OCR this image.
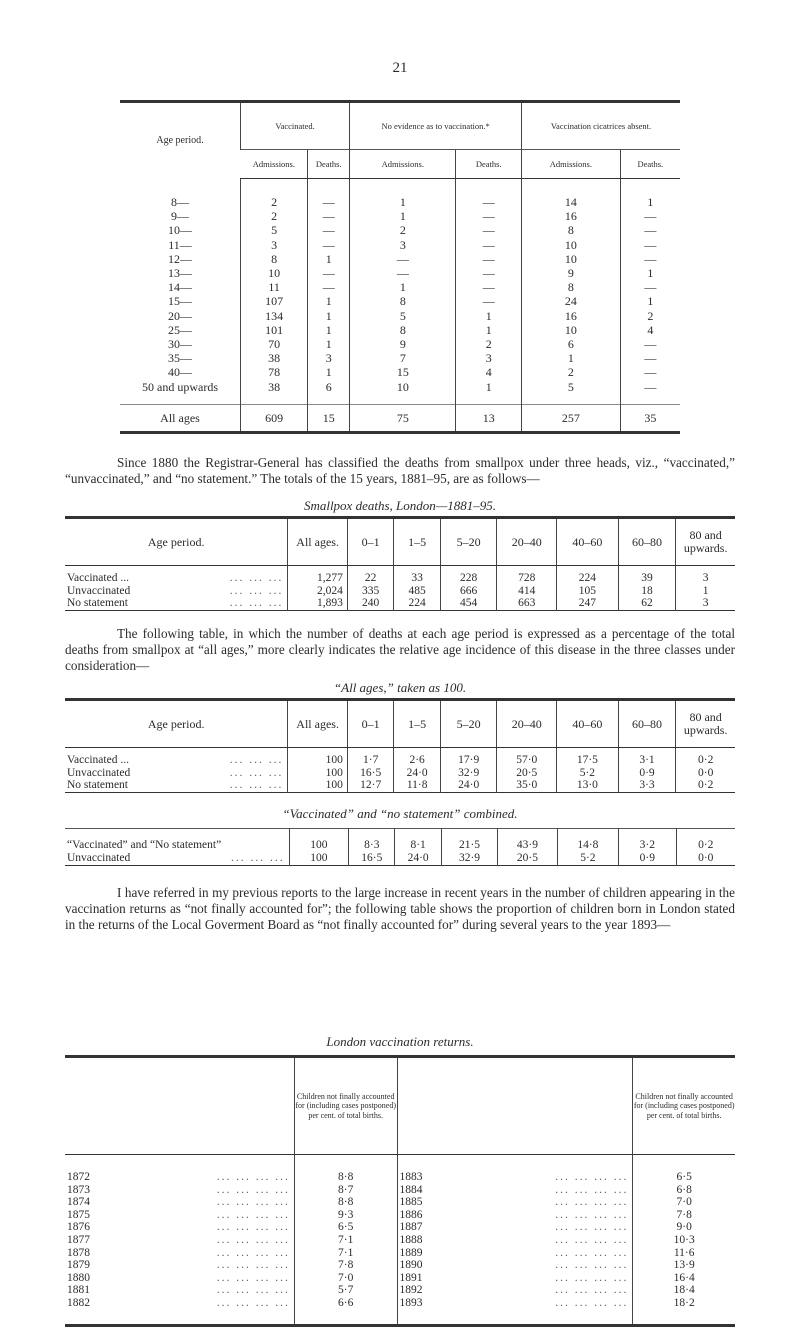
21
Age period.	Vaccinated.		No evidence as to vaccination.*		Vaccination cicatrices absent.	
	Admissions.	Deaths.	Admissions.	Deaths.	Admissions.	Deaths.
8—	2	—	1	—	14	1
9—	2	—	1	—	16	—
10—	5	—	2	—	8	—
11—	3	—	3	—	10	—
12—	8	1	—	—	10	—
13—	10	—	—	—	9	1
14—	11	—	1	—	8	—
15—	107	1	8	—	24	1
20—	134	1	5	1	16	2
25—	101	1	8	1	10	4
30—	70	1	9	2	6	—
35—	38	3	7	3	1	—
40—	78	1	15	4	2	—
50 and upwards	38	6	10	1	5	—

All ages	609	15	75	13	257	35

Since 1880 the Registrar-General has classified the deaths from smallpox under three heads, viz., “vaccinated,” “unvaccinated,” and “no statement.” The totals of the 15 years, 1881–95, are as follows—

Smallpox deaths, London—1881–95.
Age period.	All ages.	0–1	1–5	5–20	20–40	40–60	60–80	80 and upwards.
Vaccinated ... ... ... ...	1,277	22	33	228	728	224	39	3
Unvaccinated ... ... ...	2,024	335	485	666	414	105	18	1
No statement ... ... ...	1,893	240	224	454	663	247	62	3

The following table, in which the number of deaths at each age period is expressed as a percentage of the total deaths from smallpox at “all ages,” more clearly indicates the relative age incidence of this disease in the three classes under consideration—

“All ages,” taken as 100.
Age period.	All ages.	0–1	1–5	5–20	20–40	40–60	60–80	80 and upwards.
Vaccinated ... ... ... ...	100	1·7	2·6	17·9	57·0	17·5	3·1	0·2
Unvaccinated ... ... ...	100	16·5	24·0	32·9	20·5	5·2	0·9	0·0
No statement ... ... ...	100	12·7	11·8	24·0	35·0	13·0	3·3	0·2
“Vaccinated” and “no statement” combined.
“Vaccinated” and “No statement”	100	8·3	8·1	21·5	43·9	14·8	3·2	0·2
Unvaccinated ... ... ...	100	16·5	24·0	32·9	20·5	5·2	0·9	0·0

I have referred in my previous reports to the large increase in recent years in the number of children appearing in the vaccination returns as “not finally accounted for”; the following table shows the proportion of children born in London stated in the returns of the Local Goverment Board as “not finally accounted for” during several years to the year 1893—

London vaccination returns.
	Children not finally accounted for (including cases postponed) per cent. of total births.		Children not finally accounted for (including cases postponed) per cent. of total births.
1872 ... ... ... ...	8·8	1883 ... ... ... ...	6·5
1873 ... ... ... ...	8·7	1884 ... ... ... ...	6·8
1874 ... ... ... ...	8·8	1885 ... ... ... ...	7·0
1875 ... ... ... ...	9·3	1886 ... ... ... ...	7·8
1876 ... ... ... ...	6·5	1887 ... ... ... ...	9·0
1877 ... ... ... ...	7·1	1888 ... ... ... ...	10·3
1878 ... ... ... ...	7·1	1889 ... ... ... ...	11·6
1879 ... ... ... ...	7·8	1890 ... ... ... ...	13·9
1880 ... ... ... ...	7·0	1891 ... ... ... ...	16·4
1881 ... ... ... ...	5·7	1892 ... ... ... ...	18·4
1882 ... ... ... ...	6·6	1893 ... ... ... ...	18·2
